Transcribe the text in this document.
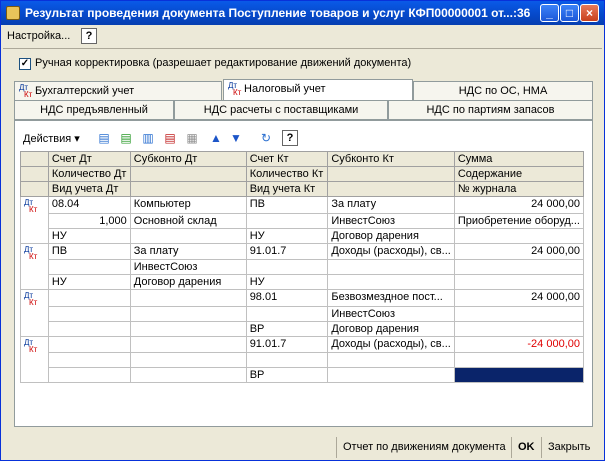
Результат проведения документа Поступление товаров и услуг КФП00000001 от...:36	_	□	×
Настройка...	?
✓ Ручная корректировка (разрешает редактирование движений документа)
Дт
Кт Бухгалтерский учет	Дт
Кт Налоговый учет	НДС по ОС, НМА
НДС предъявленный	НДС расчеты с поставщиками	НДС по партиям запасов
Действия ▾ ▤ ▤ ▥ ▤ ▦ ▲ ▼ ↻	?
	Счет Дт	Субконто Дт	Счет Кт	Субконто Кт	Сумма
	Количество Дт		Количество Кт		Содержание
	Вид учета Дт		Вид учета Кт		№ журнала

Дт
Кт	08.04	Компьютер	ПВ	За плату	24 000,00
	1,000	Основной склад		ИнвестСоюз	Приобретение оборуд...
	НУ		НУ	Договор дарения	

Дт
Кт	ПВ	За плату	91.01.7	Доходы (расходы), св...	24 000,00
		ИнвестСоюз			
	НУ	Договор дарения	НУ		

Дт
Кт			98.01	Безвозмездное пост...	24 000,00
				ИнвестСоюз	
			ВР	Договор дарения	

Дт
Кт			91.01.7	Доходы (расходы), св...	-24 000,00

			ВР		
Отчет по движениям документа	OK	Закрыть
